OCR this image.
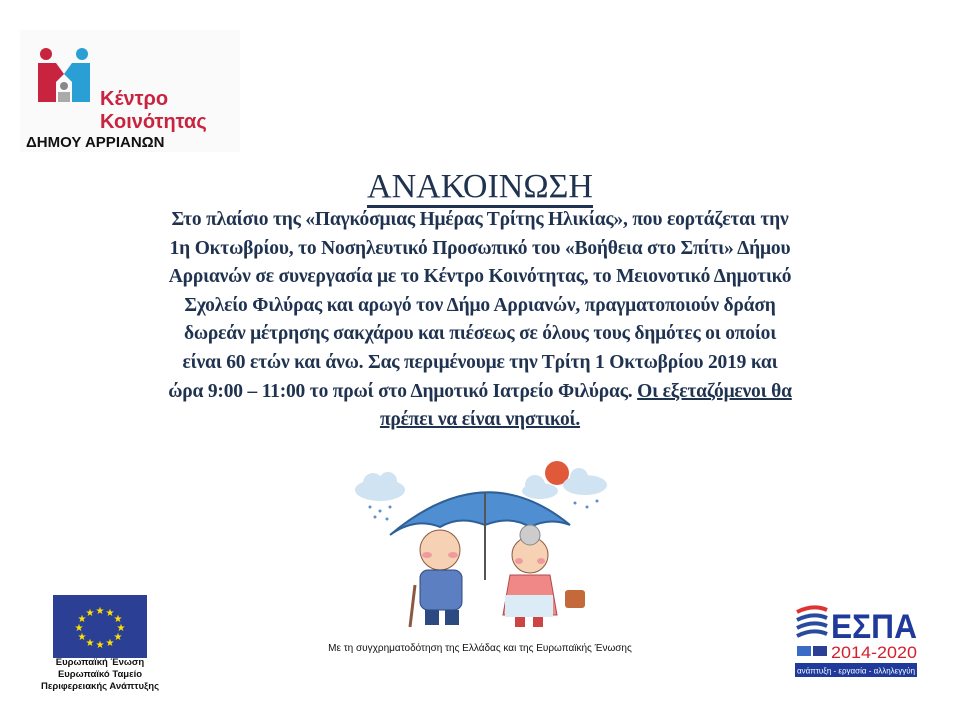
Κέντρο
Κοινότητας
ΔΗΜΟΥ ΑΡΡΙΑΝΩΝ
ΑΝΑΚΟΙΝΩΣΗ
Στο πλαίσιο της «Παγκόσμιας Ημέρας Τρίτης Ηλικίας», που εορτάζεται την
1η Οκτωβρίου, το Νοσηλευτικό Προσωπικό του «Βοήθεια στο Σπίτι» Δήμου
Αρριανών σε συνεργασία με το Κέντρο Κοινότητας, το Μειονοτικό Δημοτικό
Σχολείο Φιλύρας και αρωγό τον Δήμο Αρριανών, πραγματοποιούν δράση
δωρεάν μέτρησης σακχάρου και πιέσεως σε όλους τους δημότες οι οποίοι
είναι 60 ετών και άνω. Σας περιμένουμε την Τρίτη 1 Οκτωβρίου 2019 και
ώρα 9:00 – 11:00 το πρωί στο Δημοτικό Ιατρείο Φιλύρας. Οι εξεταζόμενοι θα
πρέπει να είναι νηστικοί.
★ ★
★
★
★
★
★
★
★
★
★
★
Ευρωπαϊκή Ένωση
Ευρωπαϊκό Ταμείο
Περιφερειακής Ανάπτυξης
Με τη συγχρηματοδότηση της Ελλάδας και της Ευρωπαϊκής Ένωσης
ΕΣΠΑ
2014-2020
ανάπτυξη - εργασία - αλληλεγγύη
